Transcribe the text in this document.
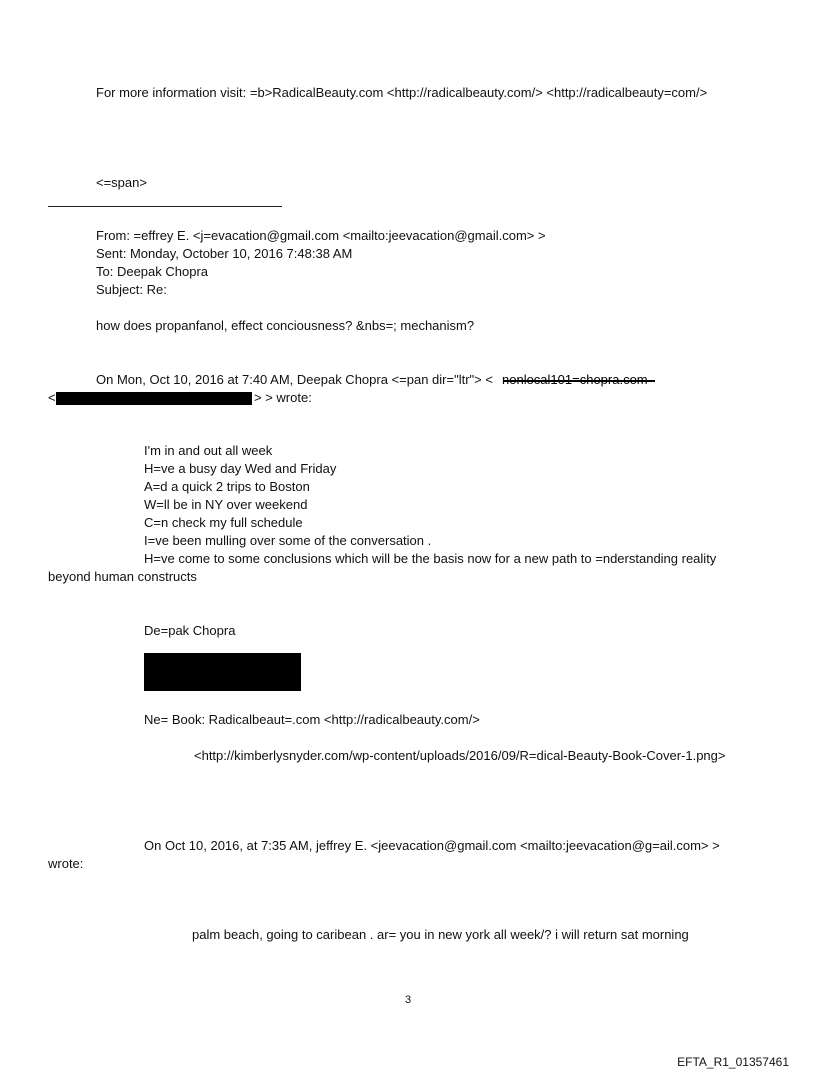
For more information visit: =b>RadicalBeauty.com <http://radicalbeauty.com/> <http://radicalbeauty=com/>
<=span>
From: =effrey E. <j=evacation@gmail.com <mailto:jeevacation@gmail.com> >
Sent: Monday, October 10, 2016 7:48:38 AM
To: Deepak Chopra
Subject: Re:
how does propanfanol, effect conciousness? &nbs=; mechanism?
On Mon, Oct 10, 2016 at 7:40 AM, Deepak Chopra <=pan dir="ltr"> <
<	> > wrote:
I'm in and out all week
H=ve a busy day Wed and Friday
A=d a quick 2 trips to Boston
W=ll be in NY over weekend
C=n check my full schedule
I=ve been mulling over some of the conversation .
H=ve come to some conclusions which will be the basis now for a new path to =nderstanding reality
beyond human constructs
De=pak Chopra
Ne= Book: Radicalbeaut=.com <http://radicalbeauty.com/>
<http://kimberlysnyder.com/wp-content/uploads/2016/09/R=dical-Beauty-Book-Cover-1.png>
On Oct 10, 2016, at 7:35 AM, jeffrey E. <jeevacation@gmail.com <mailto:jeevacation@g=ail.com> >
wrote:
palm beach, going to caribean . ar= you in new york all week/? i will return sat morning
3
EFTA_R1_01357461
